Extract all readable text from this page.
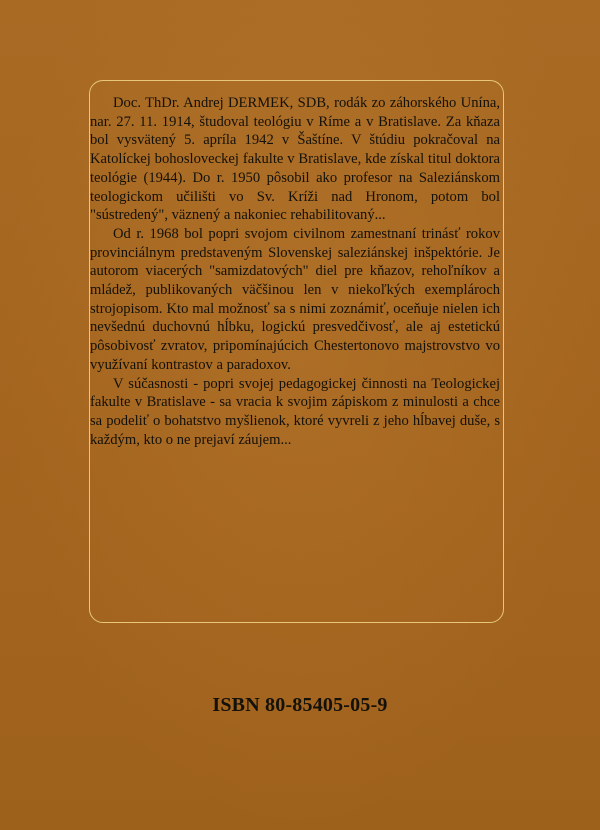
Doc. ThDr. Andrej DERMEK, SDB, rodák zo záhorského Unína, nar. 27. 11. 1914, študoval teológiu v Ríme a v Bratislave. Za kňaza bol vysvätený 5. apríla 1942 v Šaštíne. V štúdiu pokračoval na Katolíckej bohosloveckej fakulte v Bratislave, kde získal titul doktora teológie (1944). Do r. 1950 pôsobil ako profesor na Saleziánskom teologickom učilišti vo Sv. Kríži nad Hronom, potom bol "sústredený", väznený a nakoniec rehabilitovaný...

Od r. 1968 bol popri svojom civilnom zamestnaní trinásť rokov provinciálnym predstaveným Slovenskej saleziánskej inšpektórie. Je autorom viacerých "samizdatových" diel pre kňazov, rehoľníkov a mládež, publikovaných väčšinou len v niekoľkých exemplároch strojopisom. Kto mal možnosť sa s nimi zoznámiť, oceňuje nielen ich nevšednú duchovnú hĺbku, logickú presvedčivosť, ale aj estetickú pôsobivosť zvratov, pripomínajúcich Chestertonovo majstrovstvo vo využívaní kontrastov a paradoxov.

V súčasnosti - popri svojej pedagogickej činnosti na Teologickej fakulte v Bratislave - sa vracia k svojim zápiskom z minulosti a chce sa podeliť o bohatstvo myšlienok, ktoré vyvreli z jeho hĺbavej duše, s každým, kto o ne prejaví záujem...

ISBN 80-85405-05-9
